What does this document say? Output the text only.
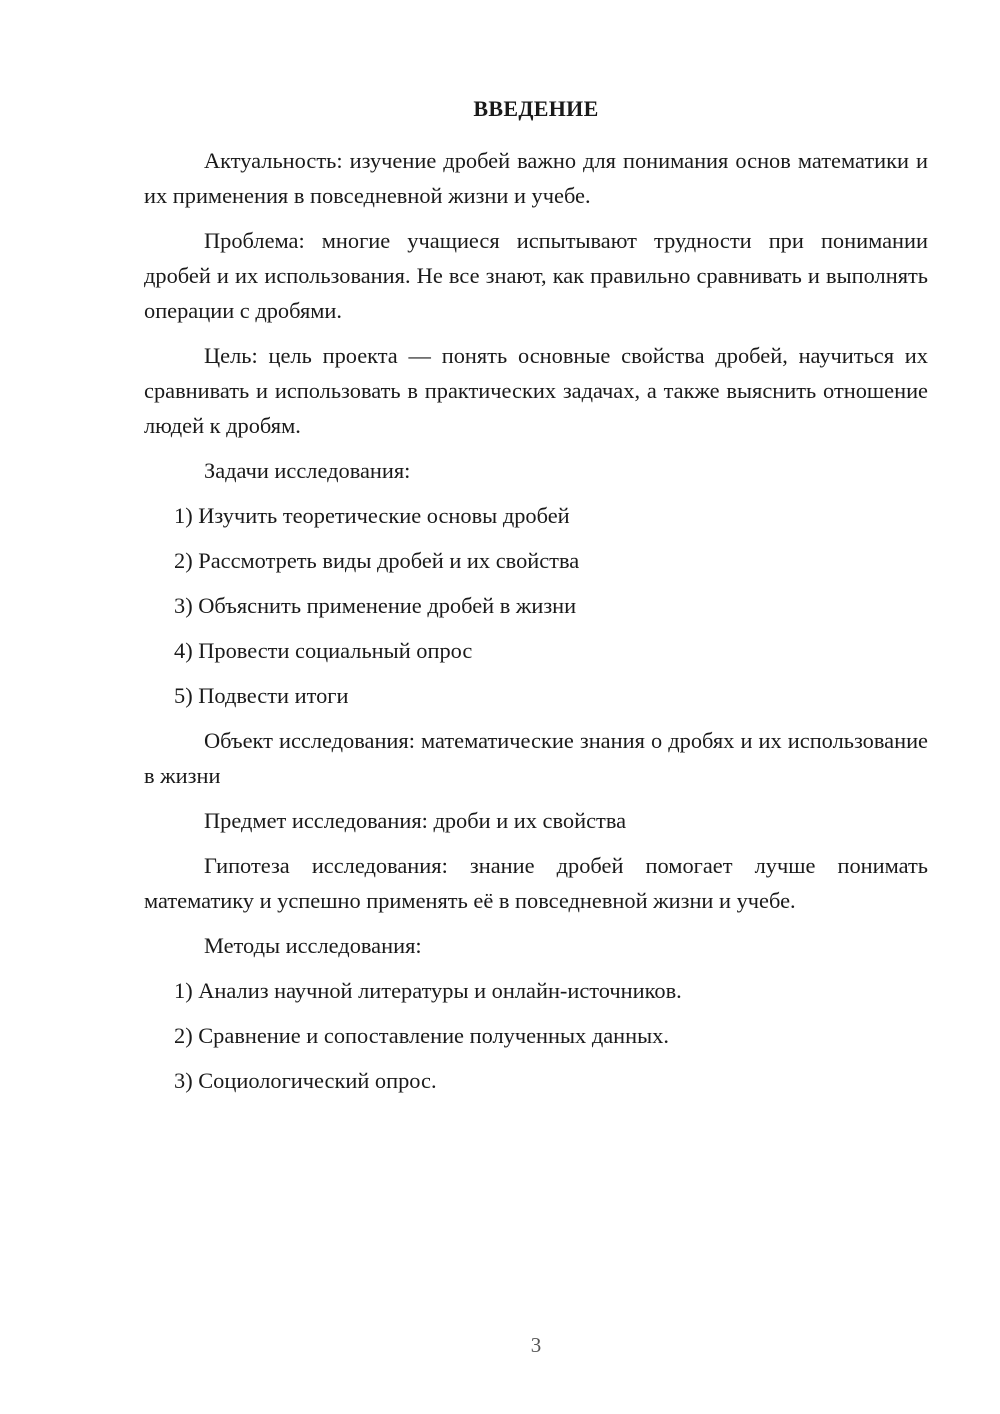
ВВЕДЕНИЕ

Актуальность: изучение дробей важно для понимания основ математики и их применения в повседневной жизни и учебе.

Проблема: многие учащиеся испытывают трудности при понимании дробей и их использования. Не все знают, как правильно сравнивать и выполнять операции с дробями.

Цель: цель проекта — понять основные свойства дробей, научиться их сравнивать и использовать в практических задачах, а также выяснить отношение людей к дробям.

Задачи исследования:

1) Изучить теоретические основы дробей

2) Рассмотреть виды дробей и их свойства

3) Объяснить применение дробей в жизни

4) Провести социальный опрос

5) Подвести итоги

Объект исследования: математические знания о дробях и их использование в жизни

Предмет исследования: дроби и их свойства

Гипотеза исследования: знание дробей помогает лучше понимать математику и успешно применять её в повседневной жизни и учебе.

Методы исследования:

1) Анализ научной литературы и онлайн-источников.

2) Сравнение и сопоставление полученных данных.

3) Социологический опрос.

3
